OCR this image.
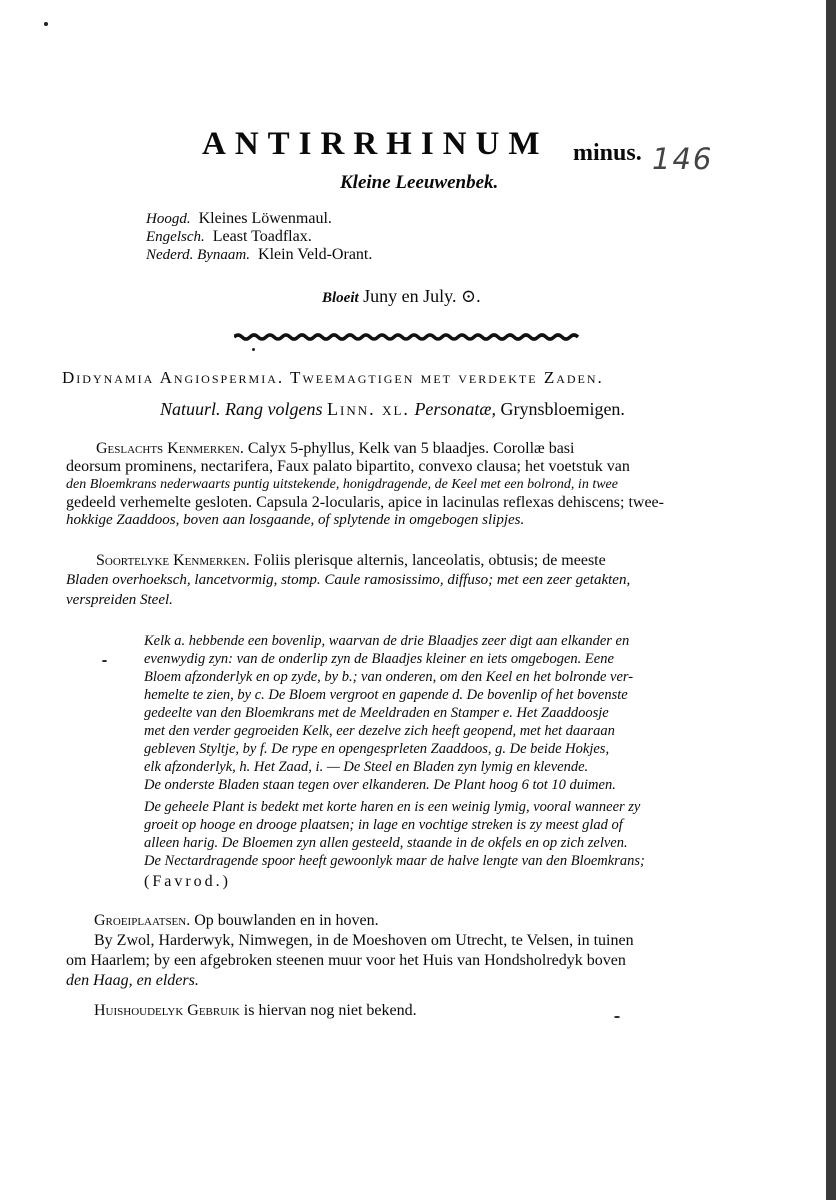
ANTIRRHINUM minus. 146
Kleine Leeuwenbek.
Hoogd. Kleines Löwenmaul.
Engelsch. Least Toadflax.
Nederd. Bynaam. Klein Veld-Orant.
Bloeit Juny en July. ⊙.
Didynamia Angiospermia. Tweemagtigen met verdekte Zaden.
Natuurl. Rang volgens Linn. xl. Personatæ, Grynsbloemigen.
Geslachts Kenmerken. Calyx 5-phyllus, Kelk van 5 blaadjes. Corollæ basi
deorsum prominens, nectarifera, Faux palato bipartito, convexo clausa; het voetstuk van
den Bloemkrans nederwaarts puntig uitstekende, honigdragende, de Keel met een bolrond, in twee
gedeeld verhemelte gesloten. Capsula 2-locularis, apice in lacinulas reflexas dehiscens; twee-
hokkige Zaaddoos, boven aan losgaande, of splytende in omgebogen slipjes.
Soortelyke Kenmerken. Foliis plerisque alternis, lanceolatis, obtusis; de meeste
Bladen overhoeksch, lancetvormig, stomp. Caule ramosissimo, diffuso; met een zeer getakten,
verspreiden Steel.
Kelk a. hebbende een bovenlip, waarvan de drie Blaadjes zeer digt aan elkander en
evenwydig zyn: van de onderlip zyn de Blaadjes kleiner en iets omgebogen. Eene
Bloem afzonderlyk en op zyde, by b.; van onderen, om den Keel en het bolronde ver-
hemelte te zien, by c. De Bloem vergroot en gapende d. De bovenlip of het bovenste
gedeelte van den Bloemkrans met de Meeldraden en Stamper e. Het Zaaddoosje
met den verder gegroeiden Kelk, eer dezelve zich heeft geopend, met het daaraan
gebleven Styltje, by f. De rype en opengesprleten Zaaddoos, g. De beide Hokjes,
elk afzonderlyk, h. Het Zaad, i. — De Steel en Bladen zyn lymig en klevende.
De onderste Bladen staan tegen over elkanderen. De Plant hoog 6 tot 10 duimen.
De geheele Plant is bedekt met korte haren en is een weinig lymig, vooral wanneer zy
groeit op hooge en drooge plaatsen; in lage en vochtige streken is zy meest glad of
alleen harig. De Bloemen zyn allen gesteeld, staande in de okfels en op zich zelven.
De Nectardragende spoor heeft gewoonlyk maar de halve lengte van den Bloemkrans;
(Favrod.)
Groeiplaatsen. Op bouwlanden en in hoven.
By Zwol, Harderwyk, Nimwegen, in de Moeshoven om Utrecht, te Velsen, in tuinen
om Haarlem; by een afgebroken steenen muur voor het Huis van Hondsholredyk boven
den Haag, en elders.
Huishoudelyk Gebruik is hiervan nog niet bekend.
